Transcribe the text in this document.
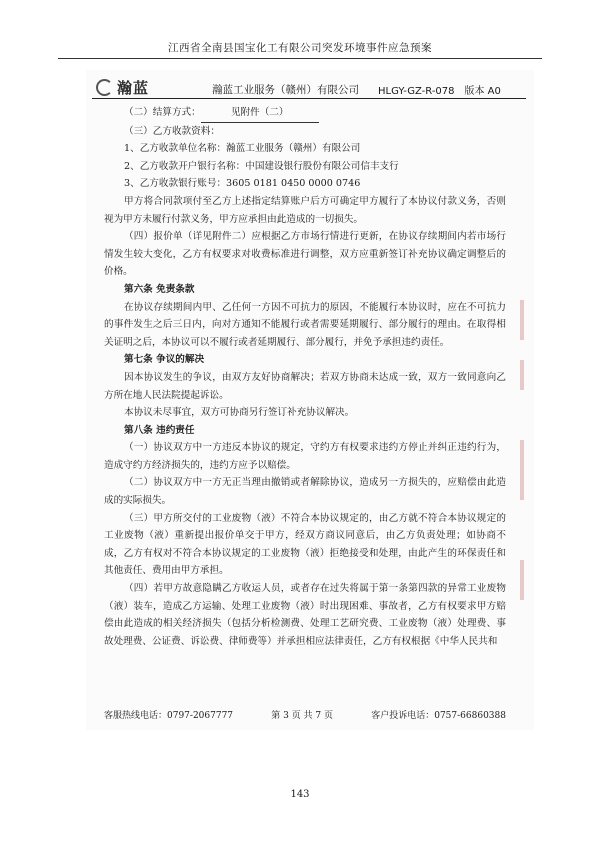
江西省全南县国宝化工有限公司突发环境事件应急预案
瀚蓝	瀚蓝工业服务（赣州）有限公司 HLGY-GZ-R-078　版本 A0

（二）结算方式：	见附件（二）

（三）乙方收款资料：

1、乙方收款单位名称：瀚蓝工业服务（赣州）有限公司

2、乙方收款开户银行名称：中国建设银行股份有限公司信丰支行

3、乙方收款银行账号：3605 0181 0450 0000 0746

甲方将合同款项付至乙方上述指定结算账户后方可确定甲方履行了本协议付款义务，否则视为甲方未履行付款义务，甲方应承担由此造成的一切损失。

（四）报价单（详见附件二）应根据乙方市场行情进行更新，在协议存续期间内若市场行情发生较大变化，乙方有权要求对收费标准进行调整，双方应重新签订补充协议确定调整后的价格。

第六条 免责条款

在协议存续期间内甲、乙任何一方因不可抗力的原因，不能履行本协议时，应在不可抗力的事件发生之后三日内，向对方通知不能履行或者需要延期履行、部分履行的理由。在取得相关证明之后，本协议可以不履行或者延期履行、部分履行，并免予承担违约责任。

第七条 争议的解决

因本协议发生的争议，由双方友好协商解决；若双方协商未达成一致，双方一致同意向乙方所在地人民法院提起诉讼。

本协议未尽事宜，双方可协商另行签订补充协议解决。

第八条 违约责任

（一）协议双方中一方违反本协议的规定，守约方有权要求违约方停止并纠正违约行为，造成守约方经济损失的，违约方应予以赔偿。

（二）协议双方中一方无正当理由撤销或者解除协议，造成另一方损失的，应赔偿由此造成的实际损失。

（三）甲方所交付的工业废物（液）不符合本协议规定的，由乙方就不符合本协议规定的工业废物（液）重新提出报价单交于甲方，经双方商议同意后，由乙方负责处理；如协商不成，乙方有权对不符合本协议规定的工业废物（液）拒绝接受和处理，由此产生的环保责任和其他责任、费用由甲方承担。

（四）若甲方故意隐瞒乙方收运人员，或者存在过失将属于第一条第四款的异常工业废物（液）装车，造成乙方运输、处理工业废物（液）时出现困难、事故者，乙方有权要求甲方赔偿由此造成的相关经济损失（包括分析检测费、处理工艺研究费、工业废物（液）处理费、事故处理费、公证费、诉讼费、律师费等）并承担相应法律责任，乙方有权根据《中华人民共和

客服热线电话：0797-2067777	第 3 页 共 7 页	客户投诉电话：0757-66860388
143
